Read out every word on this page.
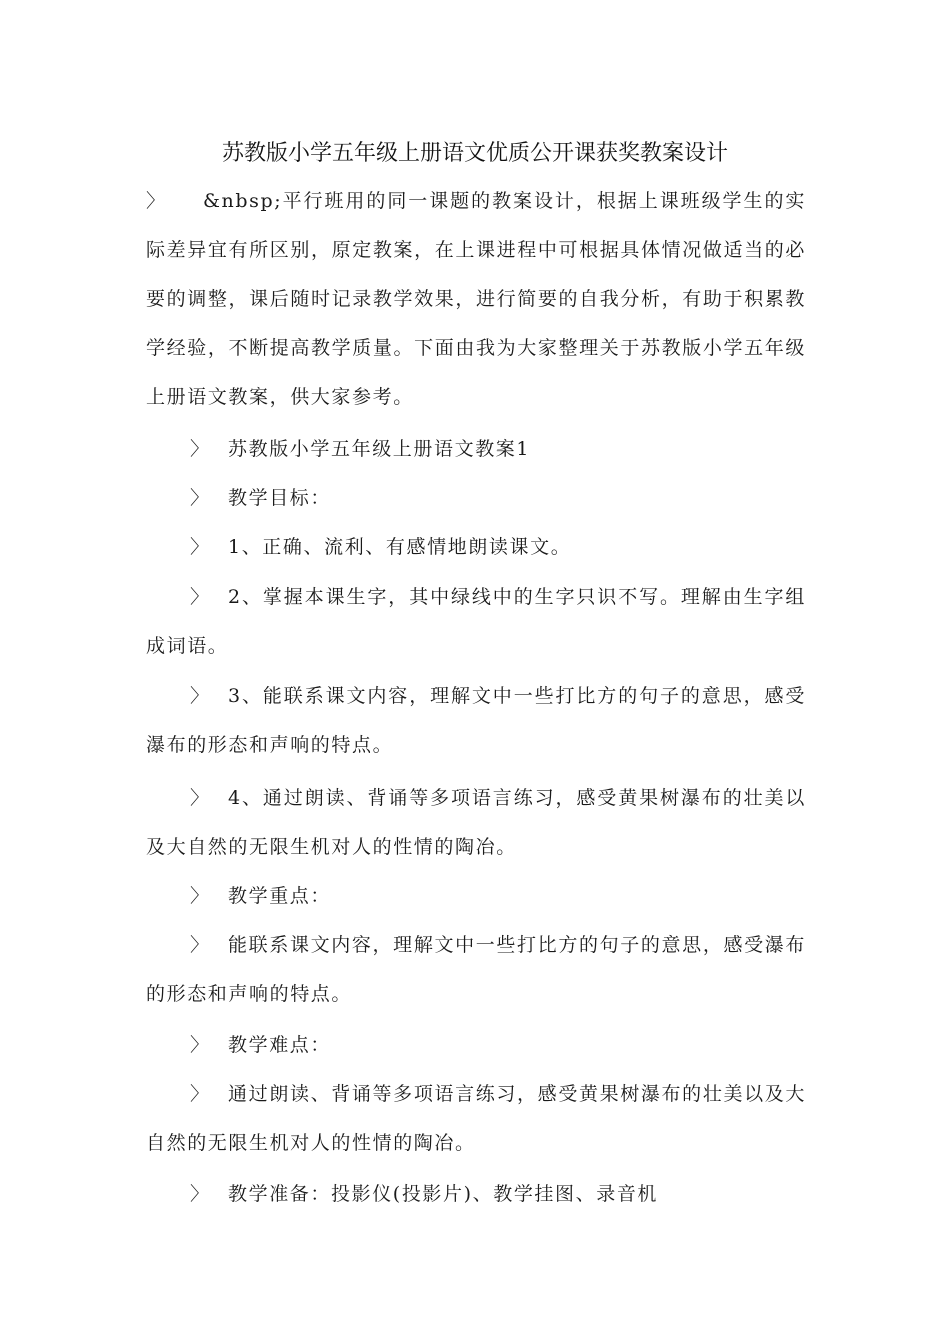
苏教版小学五年级上册语文优质公开课获奖教案设计

〉 &nbsp;平行班用的同一课题的教案设计，根据上课班级学生的实际差异宜有所区别，原定教案，在上课进程中可根据具体情况做适当的必要的调整，课后随时记录教学效果，进行简要的自我分析，有助于积累教学经验，不断提高教学质量。下面由我为大家整理关于苏教版小学五年级上册语文教案，供大家参考。

〉 苏教版小学五年级上册语文教案1

〉 教学目标：

〉 1、正确、流利、有感情地朗读课文。

〉 2、掌握本课生字，其中绿线中的生字只识不写。理解由生字组成词语。

〉 3、能联系课文内容，理解文中一些打比方的句子的意思，感受瀑布的形态和声响的特点。

〉 4、通过朗读、背诵等多项语言练习，感受黄果树瀑布的壮美以及大自然的无限生机对人的性情的陶冶。

〉 教学重点：

〉 能联系课文内容，理解文中一些打比方的句子的意思，感受瀑布的形态和声响的特点。

〉 教学难点：

〉 通过朗读、背诵等多项语言练习，感受黄果树瀑布的壮美以及大自然的无限生机对人的性情的陶冶。

〉 教学准备：投影仪(投影片)、教学挂图、录音机
